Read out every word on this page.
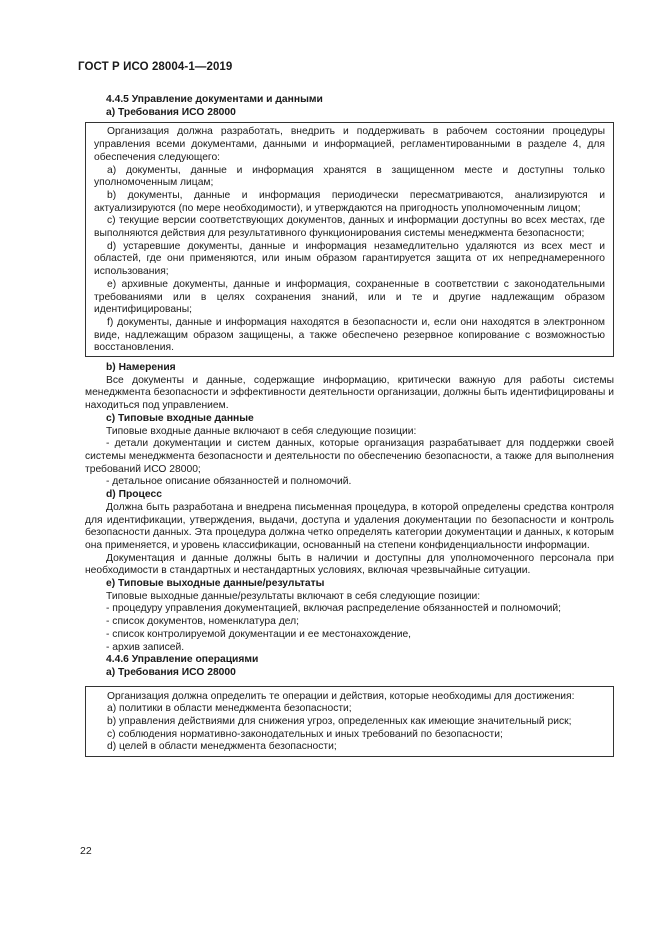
ГОСТ Р ИСО 28004-1—2019

4.4.5 Управление документами и данными

а) Требования ИСО 28000

Организация должна разработать, внедрить и поддерживать в рабочем состоянии процедуры управления всеми документами, данными и информацией, регламентированными в разделе 4, для обеспечения следующего:

a) документы, данные и информация хранятся в защищенном месте и доступны только уполномоченным лицам;

b) документы, данные и информация периодически пересматриваются, анализируются и актуализируются (по мере необходимости), и утверждаются на пригодность уполномоченным лицом;

c) текущие версии соответствующих документов, данных и информации доступны во всех местах, где выполняются действия для результативного функционирования системы менеджмента безопасности;

d) устаревшие документы, данные и информация незамедлительно удаляются из всех мест и областей, где они применяются, или иным образом гарантируется защита от их непреднамеренного использования;

e) архивные документы, данные и информация, сохраненные в соответствии с законодательными требованиями или в целях сохранения знаний, или и те и другие надлежащим образом идентифицированы;

f) документы, данные и информация находятся в безопасности и, если они находятся в электронном виде, надлежащим образом защищены, а также обеспечено резервное копирование с возможностью восстановления.

b) Намерения

Все документы и данные, содержащие информацию, критически важную для работы системы менеджмента безопасности и эффективности деятельности организации, должны быть идентифицированы и находиться под управлением.

c) Типовые входные данные

Типовые входные данные включают в себя следующие позиции:

- детали документации и систем данных, которые организация разрабатывает для поддержки своей системы менеджмента безопасности и деятельности по обеспечению безопасности, а также для выполнения требований ИСО 28000;

- детальное описание обязанностей и полномочий.

d) Процесс

Должна быть разработана и внедрена письменная процедура, в которой определены средства контроля для идентификации, утверждения, выдачи, доступа и удаления документации по безопасности и контроль безопасности данных. Эта процедура должна четко определять категории документации и данных, к которым она применяется, и уровень классификации, основанный на степени конфиденциальности информации.

Документация и данные должны быть в наличии и доступны для уполномоченного персонала при необходимости в стандартных и нестандартных условиях, включая чрезвычайные ситуации.

e) Типовые выходные данные/результаты

Типовые выходные данные/результаты включают в себя следующие позиции:

- процедуру управления документацией, включая распределение обязанностей и полномочий;

- список документов, номенклатура дел;

- список контролируемой документации и ее местонахождение,

- архив записей.

4.4.6 Управление операциями

а) Требования ИСО 28000

Организация должна определить те операции и действия, которые необходимы для достижения:

a) политики в области менеджмента безопасности;

b) управления действиями для снижения угроз, определенных как имеющие значительный риск;

c) соблюдения нормативно-законодательных и иных требований по безопасности;

d) целей в области менеджмента безопасности;

22
